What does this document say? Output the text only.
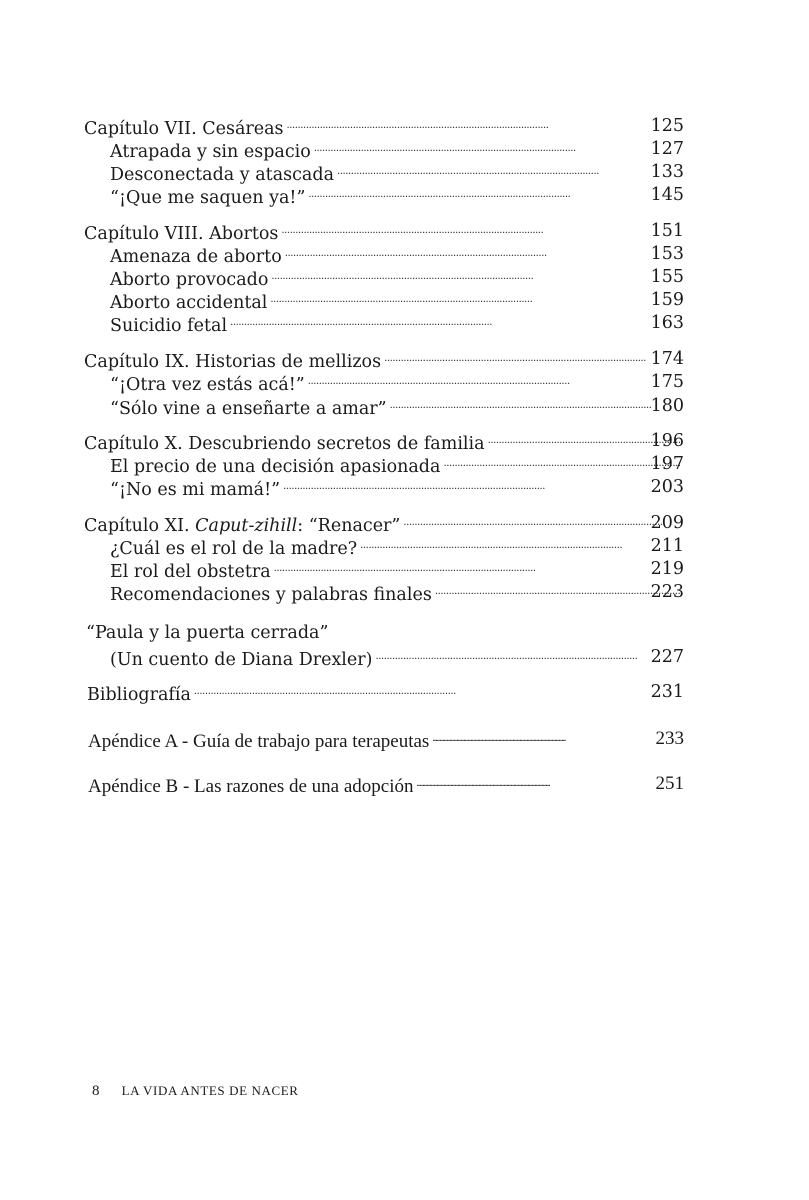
Capítulo VII. Cesáreas . . .	125
Atrapada y sin espacio . . .	127
Desconectada y atascada . . .	133
“¡Que me saquen ya!” . . .	145
Capítulo VIII. Abortos . . .	151
Amenaza de aborto . . .	153
Aborto provocado . . .	155
Aborto accidental . . .	159
Suicidio fetal . . .	163
Capítulo IX. Historias de mellizos . . .	174
“¡Otra vez estás acá!” . . .	175
“Sólo vine a enseñarte a amar” . . .	180
Capítulo X. Descubriendo secretos de familia . . .	196
El precio de una decisión apasionada . . .	197
“¡No es mi mamá!” . . .	203
Capítulo XI. Caput-zihill: “Renacer” . . .	209
¿Cuál es el rol de la madre? . . .	211
El rol del obstetra . . .	219
Recomendaciones y palabras finales . . .	223
“Paula y la puerta cerrada”
(Un cuento de Diana Drexler) . . .	227
Bibliografía . . .	231
Apéndice A - Guía de trabajo para terapeutas . . .	233
Apéndice B - Las razones de una adopción . . .	251
8 LA VIDA ANTES DE NACER
